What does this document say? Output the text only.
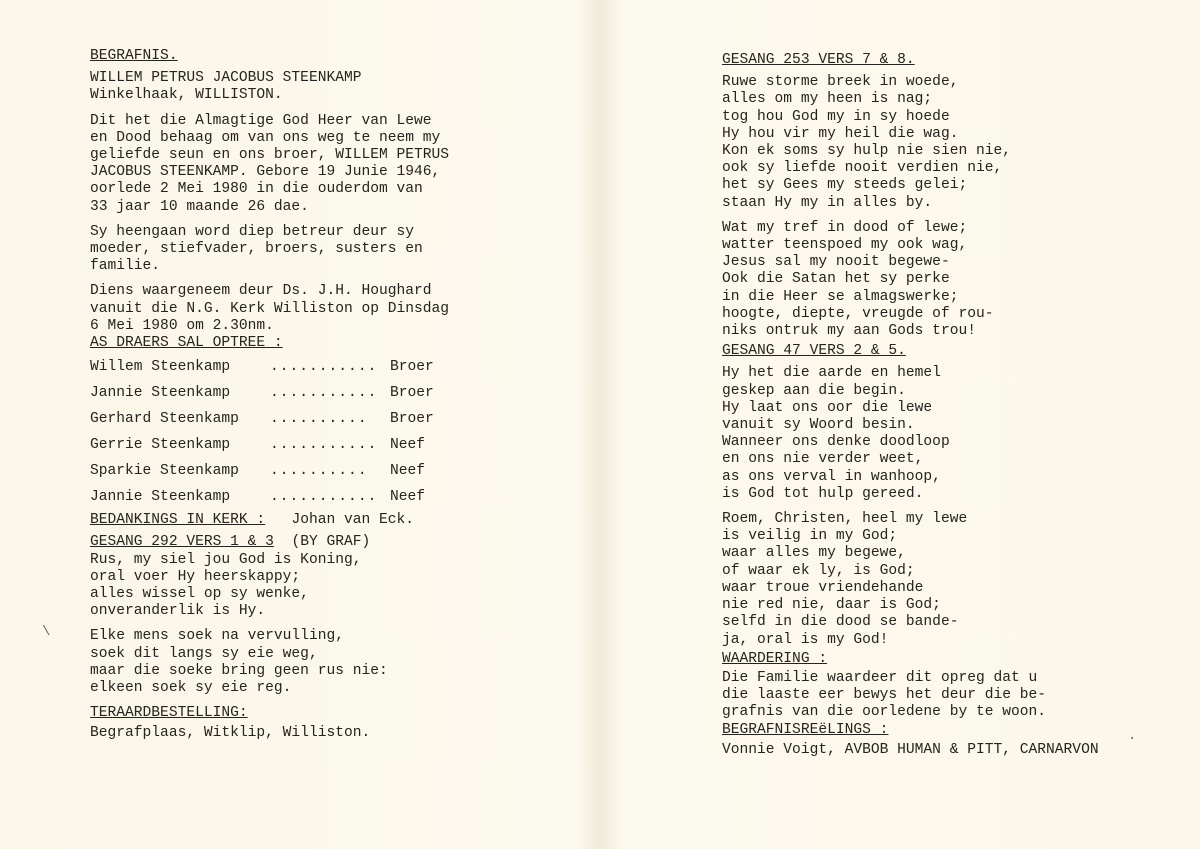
BEGRAFNIS.
WILLEM PETRUS JACOBUS STEENKAMP
Winkelhaak, WILLISTON.
Dit het die Almagtige God Heer van Lewe
en Dood behaag om van ons weg te neem my
geliefde seun en ons broer, WILLEM PETRUS
JACOBUS STEENKAMP. Gebore 19 Junie 1946,
oorlede 2 Mei 1980 in die ouderdom van
33 jaar 10 maande 26 dae.
Sy heengaan word diep betreur deur sy
moeder, stiefvader, broers, susters en
familie.
Diens waargeneem deur Ds. J.H. Houghard
vanuit die N.G. Kerk Williston op Dinsdag
6 Mei 1980 om 2.30nm.
AS DRAERS SAL OPTREE :
Willem Steenkamp	........... Broer
Jannie Steenkamp	........... Broer
Gerhard Steenkamp	..........	Broer
Gerrie Steenkamp	........... Neef
Sparkie Steenkamp	..........	Neef
Jannie Steenkamp	........... Neef
BEDANKINGS IN KERK : Johan van Eck.
GESANG 292 VERS 1 & 3 (BY GRAF)
Rus, my siel jou God is Koning,
oral voer Hy heerskappy;
alles wissel op sy wenke,
onveranderlik is Hy.
Elke mens soek na vervulling,
soek dit langs sy eie weg,
maar die soeke bring geen rus nie:
elkeen soek sy eie reg.
TERAARDBESTELLING:
Begrafplaas, Witklip, Williston.
GESANG 253 VERS 7 & 8.
Ruwe storme breek in woede,
alles om my heen is nag;
tog hou God my in sy hoede
Hy hou vir my heil die wag.
Kon ek soms sy hulp nie sien nie,
ook sy liefde nooit verdien nie,
het sy Gees my steeds gelei;
staan Hy my in alles by.
Wat my tref in dood of lewe;
watter teenspoed my ook wag,
Jesus sal my nooit begewe-
Ook die Satan het sy perke
in die Heer se almagswerke;
hoogte, diepte, vreugde of rou-
niks ontruk my aan Gods trou!
GESANG 47 VERS 2 & 5.
Hy het die aarde en hemel
geskep aan die begin.
Hy laat ons oor die lewe
vanuit sy Woord besin.
Wanneer ons denke doodloop
en ons nie verder weet,
as ons verval in wanhoop,
is God tot hulp gereed.
Roem, Christen, heel my lewe
is veilig in my God;
waar alles my begewe,
of waar ek ly, is God;
waar troue vriendehande
nie red nie, daar is God;
selfd in die dood se bande-
ja, oral is my God!
WAARDERING :
Die Familie waardeer dit opreg dat u
die laaste eer bewys het deur die be-
grafnis van die oorledene by te woon.
BEGRAFNISREëLINGS :
Vonnie Voigt, AVBOB HUMAN & PITT, CARNARVON
\
.
